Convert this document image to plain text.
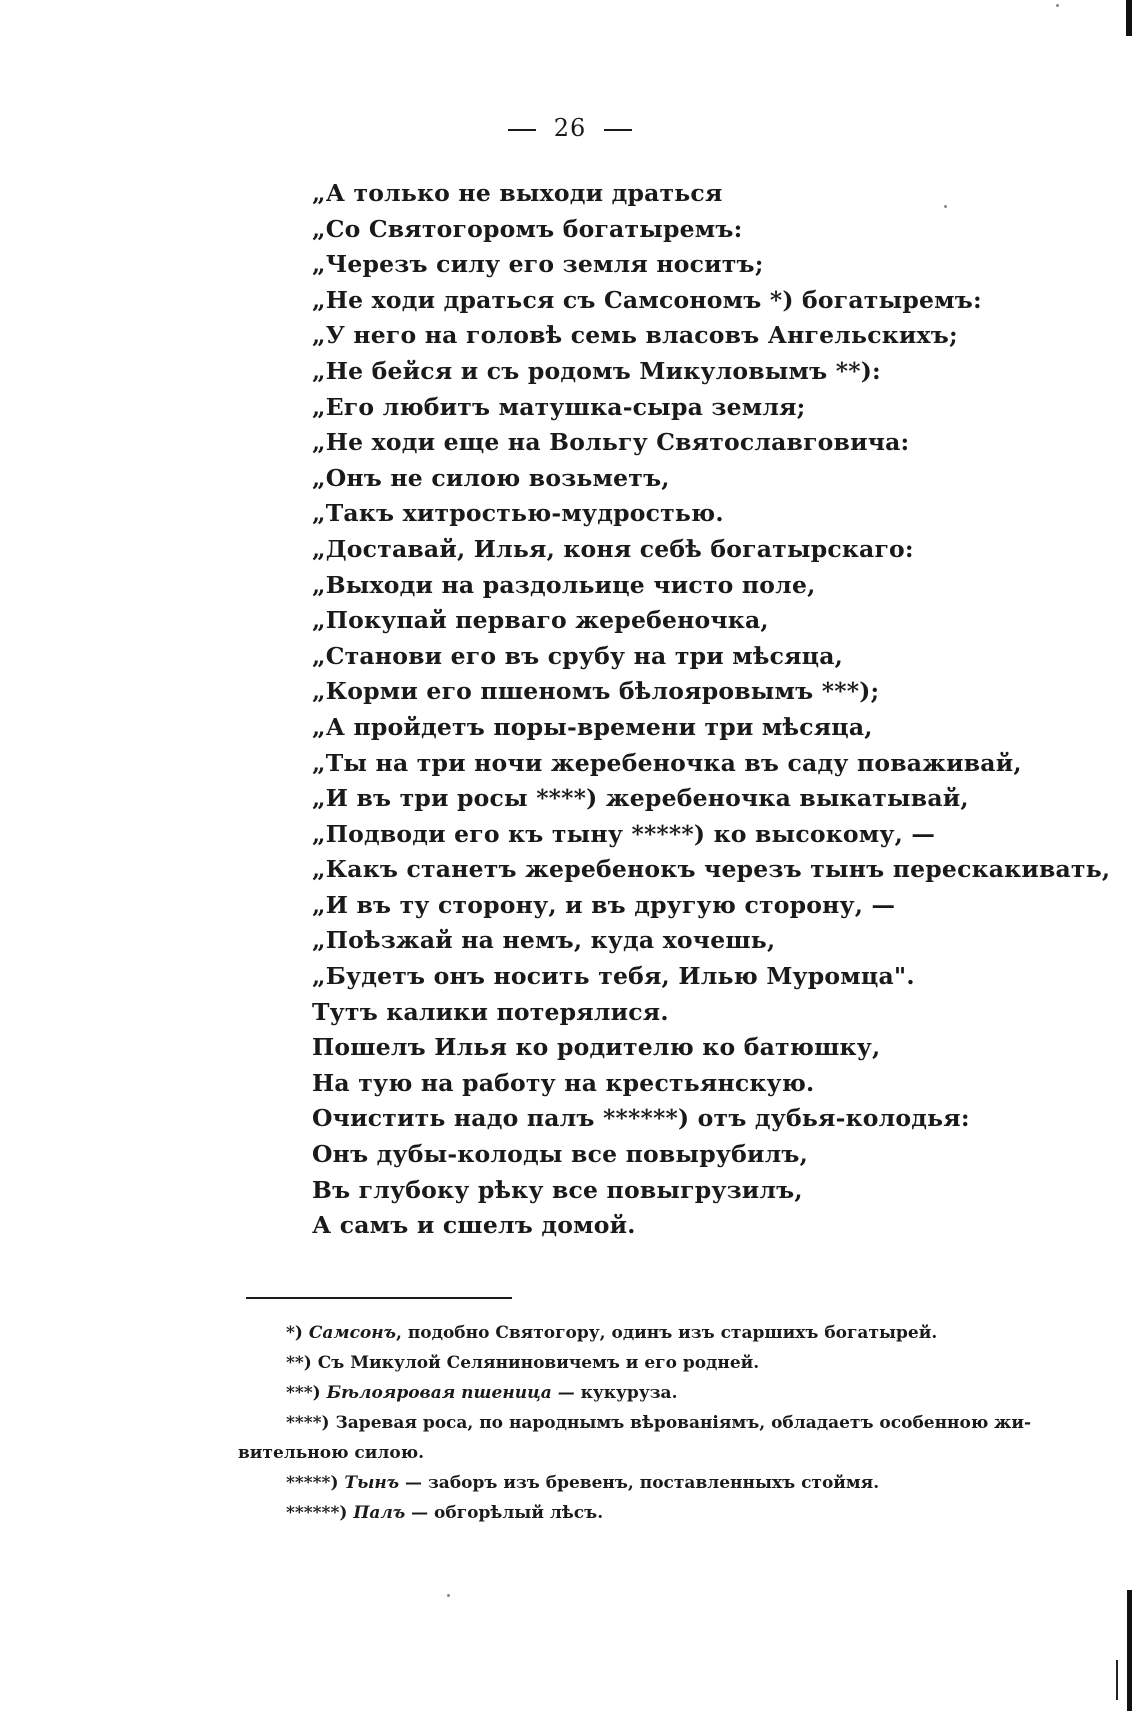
26
„А только не выходи драться
„Со Святогоромъ богатыремъ:
„Черезъ силу его земля носитъ;
„Не ходи драться съ Самсономъ *) богатыремъ:
„У него на головѣ семь власовъ Ангельскихъ;
„Не бейся и съ родомъ Микуловымъ **):
„Его любитъ матушка-сыра земля;
„Не ходи еще на Вольгу Святославговича:
„Онъ не силою возьметъ,
„Такъ хитростью-мудростью.
„Доставай, Илья, коня себѣ богатырскаго:
„Выходи на раздольице чисто поле,
„Покупай перваго жеребеночка,
„Станови его въ срубу на три мѣсяца,
„Корми его пшеномъ бѣлояровымъ ***);
„А пройдетъ поры-времени три мѣсяца,
„Ты на три ночи жеребеночка въ саду поваживай,
„И въ три росы ****) жеребеночка выкатывай,
„Подводи его къ тыну *****) ко высокому, —
„Какъ станетъ жеребенокъ черезъ тынъ перескакивать,
„И въ ту сторону, и въ другую сторону, —
„Поѣзжай на немъ, куда хочешь,
„Будетъ онъ носить тебя, Илью Муромца".
Тутъ калики потерялися.
Пошелъ Илья ко родителю ко батюшку,
На тую на работу на крестьянскую.
Очистить надо палъ ******) отъ дубья-колодья:
Онъ дубы-колоды все повырубилъ,
Въ глубоку рѣку все повыгрузилъ,
А самъ и сшелъ домой.
*) Самсонъ, подобно Святогору, одинъ изъ старшихъ богатырей.
**) Съ Микулой Селяниновичемъ и его родней.
***) Бѣлояровая пшеница — кукуруза.
****) Заревая роса, по народнымъ вѣрованiямъ, обладаетъ особенною жи-
вительною силою.
*****) Тынъ — заборъ изъ бревенъ, поставленныхъ стоймя.
******) Палъ — обгорѣлый лѣсъ.
